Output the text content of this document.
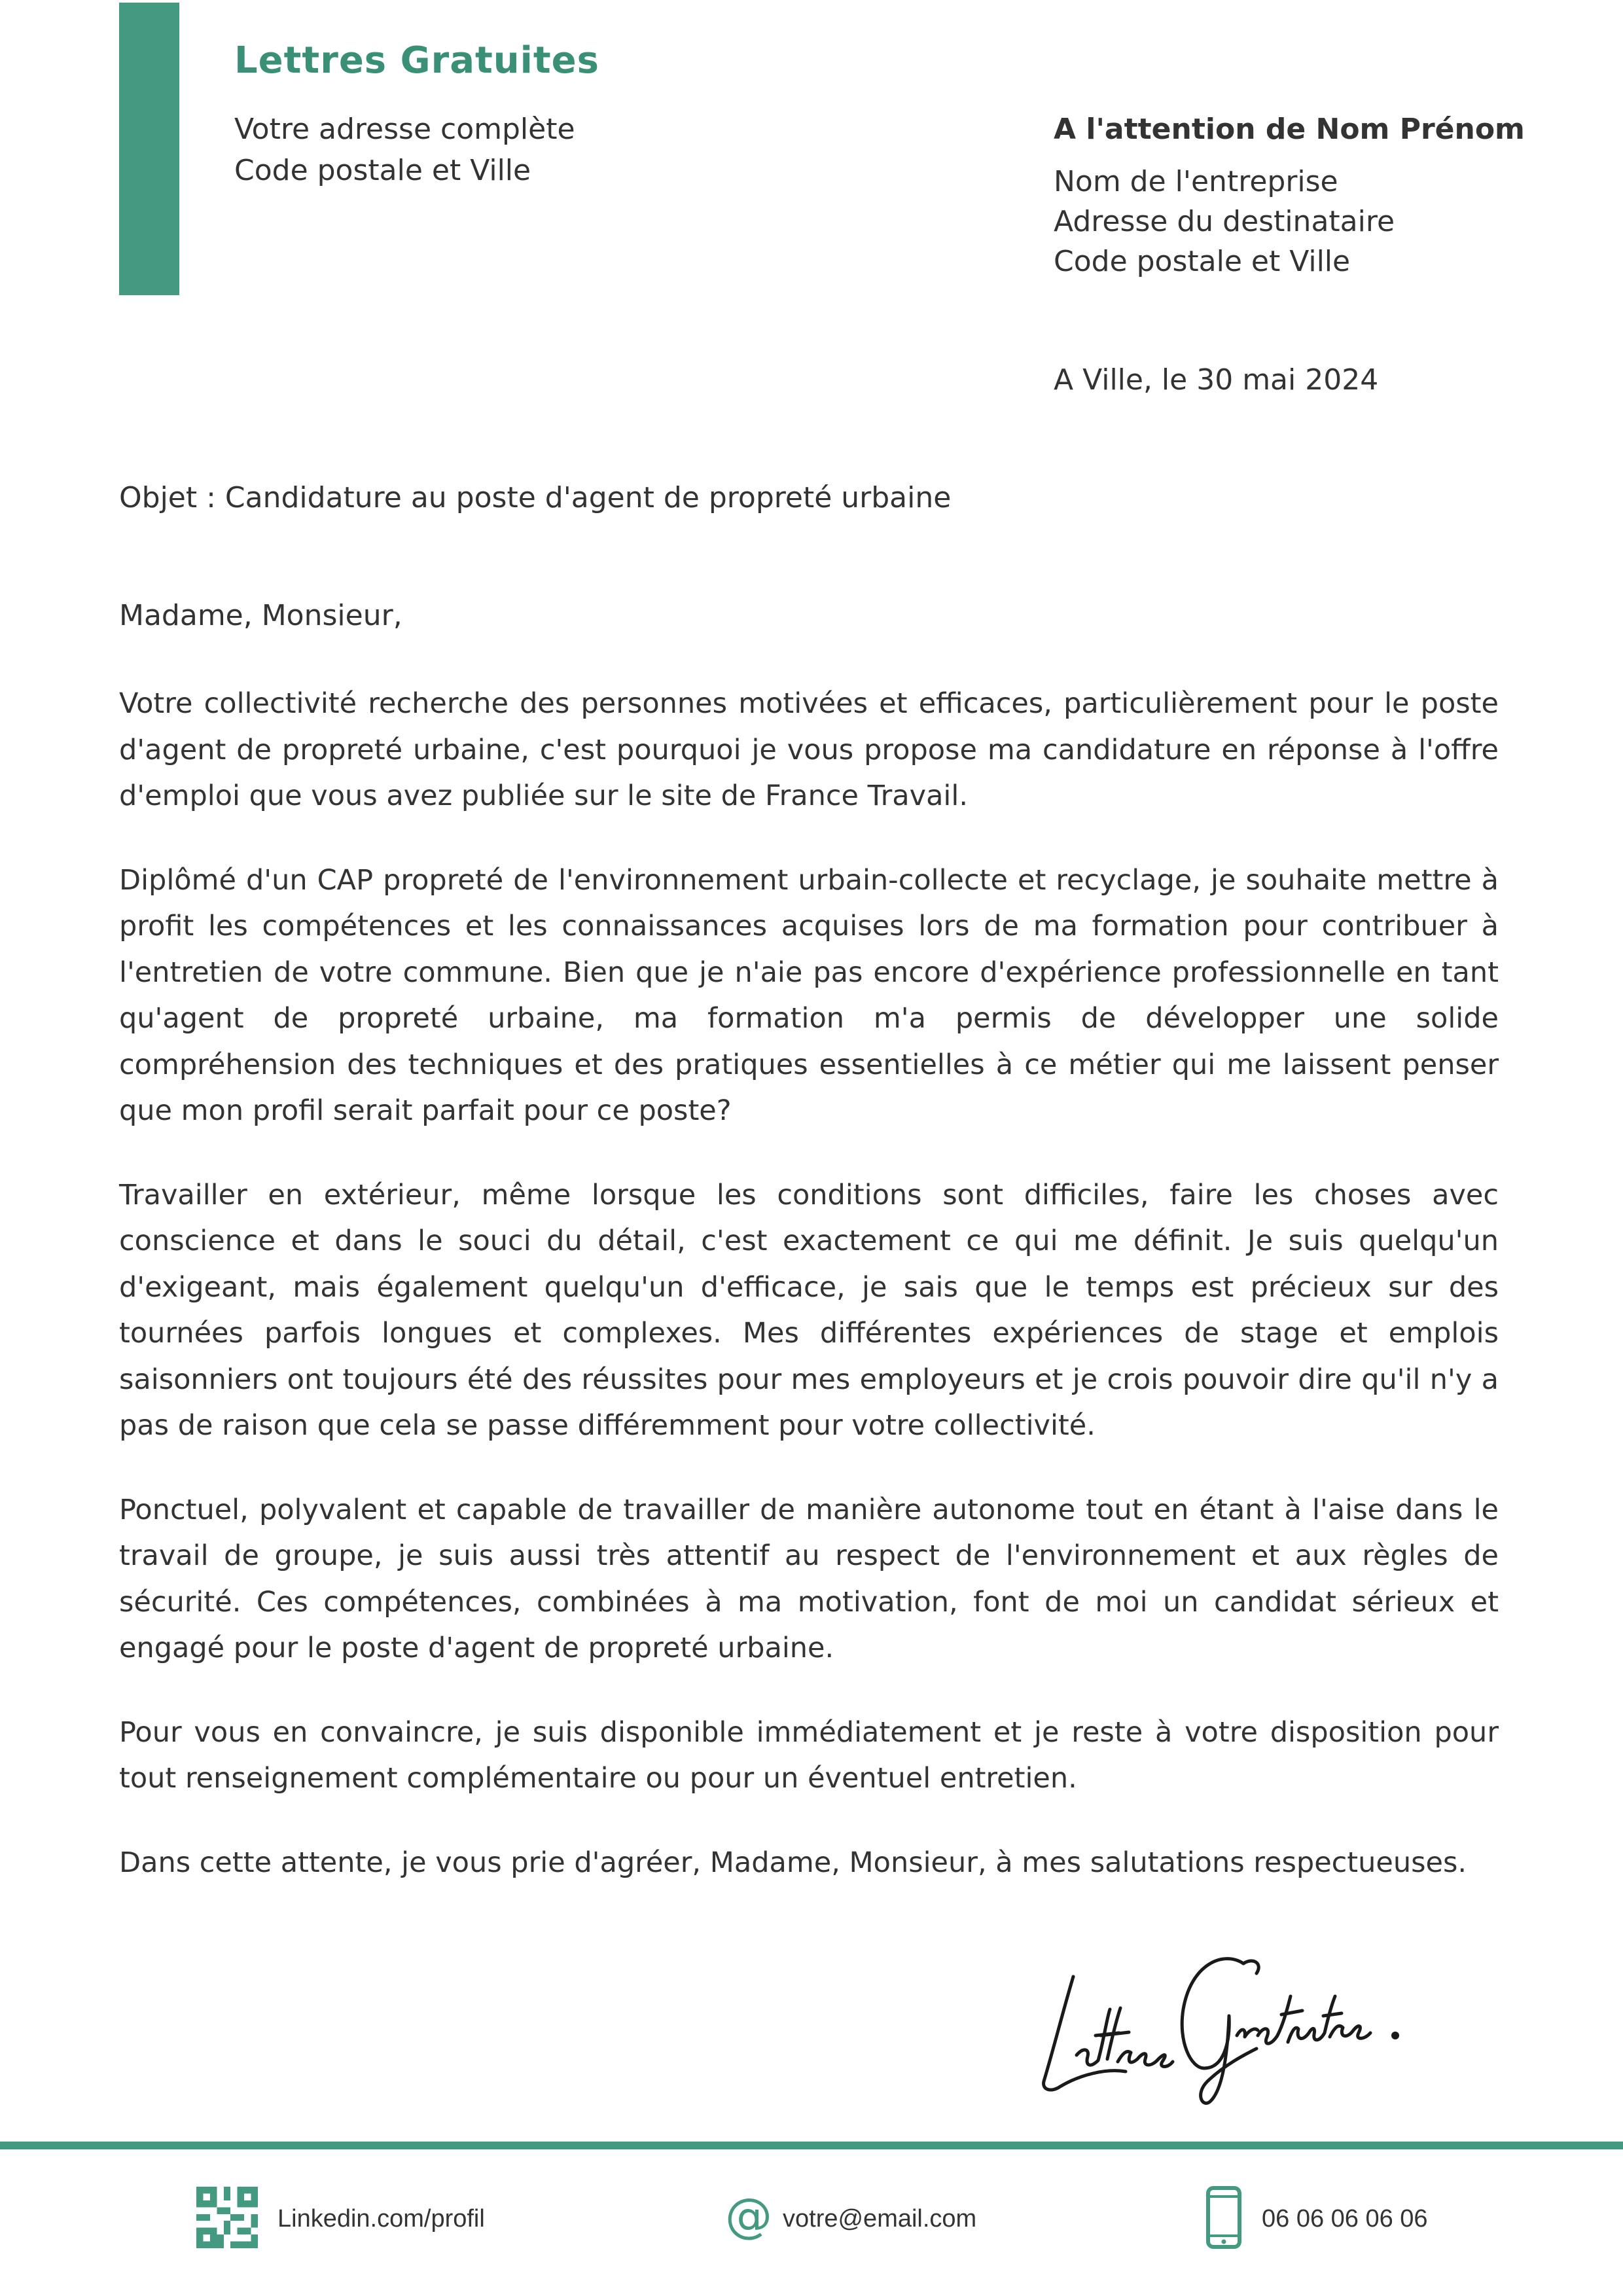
Lettres Gratuites
Votre adresse complète
Code postale et Ville
A l'attention de Nom Prénom
Nom de l'entreprise
Adresse du destinataire
Code postale et Ville
A Ville, le 30 mai 2024
Objet : Candidature au poste d'agent de propreté urbaine
Madame, Monsieur,

Votre collectivité recherche des personnes motivées et efficaces, particulièrement pour le poste d'agent de propreté urbaine, c'est pourquoi je vous propose ma candidature en réponse à l'offre d'emploi que vous avez publiée sur le site de France Travail.

Diplômé d'un CAP propreté de l'environnement urbain-collecte et recyclage, je souhaite mettre à profit les compétences et les connaissances acquises lors de ma formation pour contribuer à l'entretien de votre commune. Bien que je n'aie pas encore d'expérience professionnelle en tant qu'agent de propreté urbaine, ma formation m'a permis de développer une solide compréhension des techniques et des pratiques essentielles à ce métier qui me laissent penser que mon profil serait parfait pour ce poste?

Travailler en extérieur, même lorsque les conditions sont difficiles, faire les choses avec conscience et dans le souci du détail, c'est exactement ce qui me définit. Je suis quelqu'un d'exigeant, mais également quelqu'un d'efficace, je sais que le temps est précieux sur des tournées parfois longues et complexes. Mes différentes expériences de stage et emplois saisonniers ont toujours été des réussites pour mes employeurs et je crois pouvoir dire qu'il n'y a pas de raison que cela se passe différemment pour votre collectivité.

Ponctuel, polyvalent et capable de travailler de manière autonome tout en étant à l'aise dans le travail de groupe, je suis aussi très attentif au respect de l'environnement et aux règles de sécurité. Ces compétences, combinées à ma motivation, font de moi un candidat sérieux et engagé pour le poste d'agent de propreté urbaine.

Pour vous en convaincre, je suis disponible immédiatement et je reste à votre disposition pour tout renseignement complémentaire ou pour un éventuel entretien.

Dans cette attente, je vous prie d'agréer, Madame, Monsieur, à mes salutations respectueuses.

Linkedin.com/profil	@ votre@email.com	06 06 06 06 06
